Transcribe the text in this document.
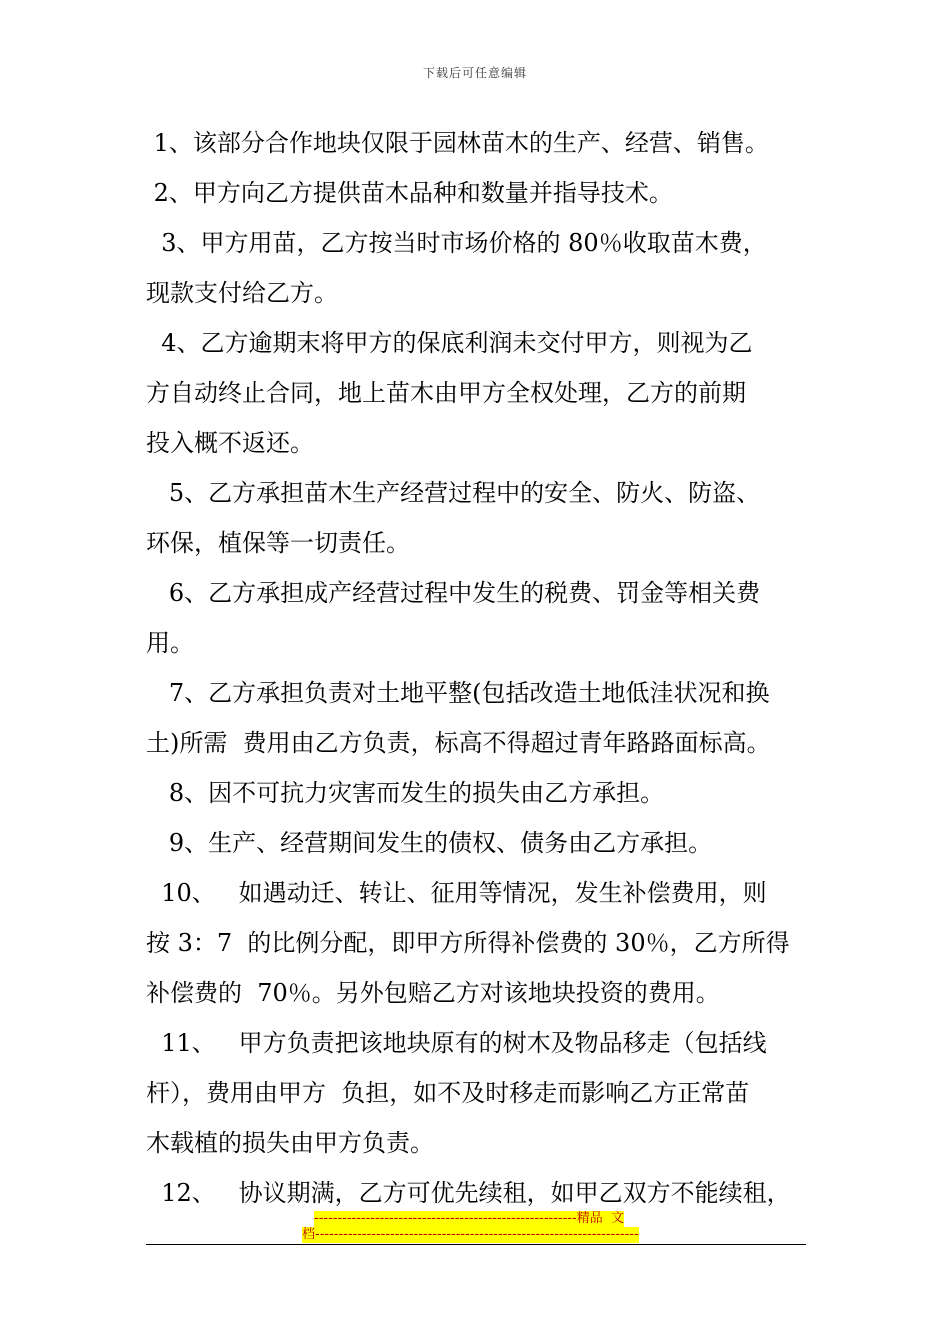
下载后可任意编辑
1、该部分合作地块仅限于园林苗木的生产、经营、销售。
2、甲方向乙方提供苗木品种和数量并指导技术。
3、甲方用苗，乙方按当时市场价格的 80％收取苗木费，
现款支付给乙方。
4、乙方逾期末将甲方的保底利润未交付甲方，则视为乙
方自动终止合同，地上苗木由甲方全权处理，乙方的前期
投入概不返还。
5、乙方承担苗木生产经营过程中的安全、防火、防盗、
环保，植保等一切责任。
6、乙方承担成产经营过程中发生的税费、罚金等相关费
用。
7、乙方承担负责对土地平整(包括改造土地低洼状况和换
土)所需  费用由乙方负责，标高不得超过青年路路面标高。
8、因不可抗力灾害而发生的损失由乙方承担。
9、生产、经营期间发生的债权、债务由乙方承担。
10、   如遇动迁、转让、征用等情况，发生补偿费用，则
按 3：7  的比例分配，即甲方所得补偿费的 30％，乙方所得
补偿费的  70％。另外包赔乙方对该地块投资的费用。
11、   甲方负责把该地块原有的树木及物品移走（包括线
杆），费用由甲方  负担，如不及时移走而影响乙方正常苗
木载植的损失由甲方负责。
12、   协议期满，乙方可优先续租，如甲乙双方不能续租，
--------------------------------------------------------精品  文
档---------------------------------------------------------------------
